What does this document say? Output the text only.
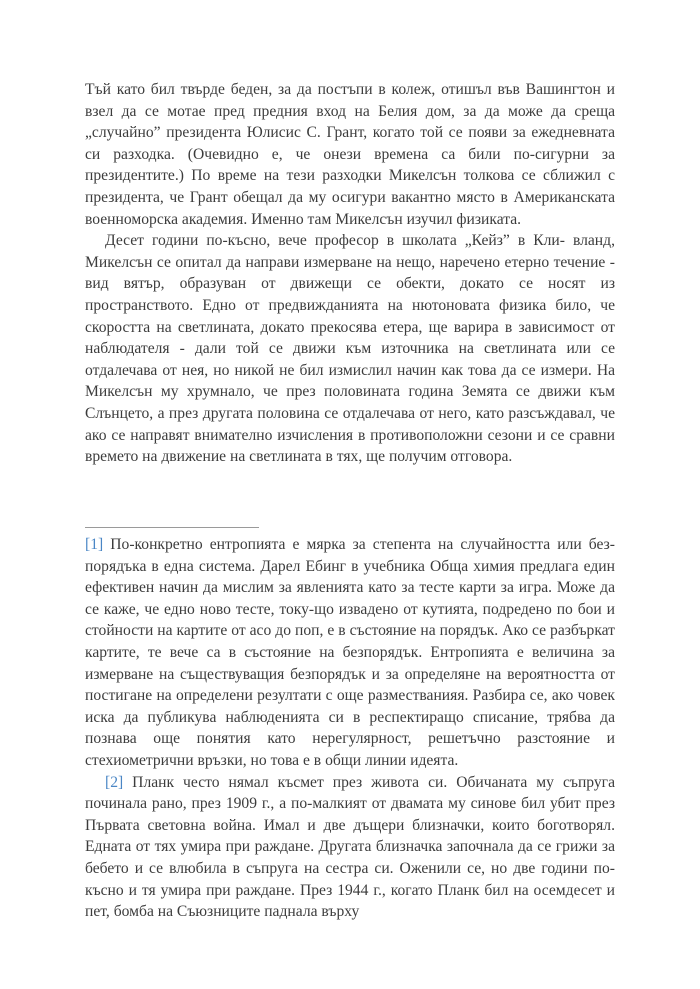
Тъй като бил твърде беден, за да постъпи в колеж, отишъл във Вашингтон и взел да се мотае пред предния вход на Белия дом, за да може да среща „случайно” президента Юлисис С. Грант, когато той се появи за ежедневната си разходка. (Очевидно е, че онези времена са били по-сигурни за президентите.) По време на тези разходки Микелсън толкова се сближил с президента, че Грант обещал да му осигури вакантно място в Американската военноморска академия. Именно там Микелсън изучил физиката.

Десет години по-късно, вече професор в школата „Кейз” в Кли- вланд, Микелсън се опитал да направи измерване на нещо, наречено етерно течение - вид вятър, образуван от движещи се обекти, докато се носят из пространството. Едно от предвижданията на нютоновата физика било, че скоростта на светлината, докато прекосява етера, ще варира в зависимост от наблюдателя - дали той се движи към източника на светлината или се отдалечава от нея, но никой не бил измислил начин как това да се измери. На Микелсън му хрумнало, че през половината година Земята се движи към Слънцето, а през другата половина се отдалечава от него, като разсъждавал, че ако се направят внимателно изчисления в противоположни сезони и се сравни времето на движение на светлината в тях, ще получим отговора.

[1] По-конкретно ентропията е мярка за степента на случайността или без-порядъка в една система. Дарел Ебинг в учебника Обща химия предлага един ефективен начин да мислим за явленията като за тесте карти за игра. Може да се каже, че едно ново тесте, току-що извадено от кутията, подредено по бои и стойности на картите от асо до поп, е в състояние на порядък. Ако се разбъркат картите, те вече са в състояние на безпорядък. Ентропията е величина за измерване на съществуващия безпорядък и за определяне на вероятността от постигане на определени резултати с още разместванияя. Разбира се, ако човек иска да публикува наблюденията си в респектиращо списание, трябва да познава още понятия като нерегулярност, решетъчно разстояние и стехиометрични връзки, но това е в общи линии идеята.

[2] Планк често нямал късмет през живота си. Обичаната му съпруга починала рано, през 1909 г., а по-малкият от двамата му синове бил убит през Първата световна война. Имал и две дъщери близначки, които боготворял. Едната от тях умира при раждане. Другата близначка започнала да се грижи за бебето и се влюбила в съпруга на сестра си. Оженили се, но две години по-късно и тя умира при раждане. През 1944 г., когато Планк бил на осемдесет и пет, бомба на Съюзниците паднала върху
